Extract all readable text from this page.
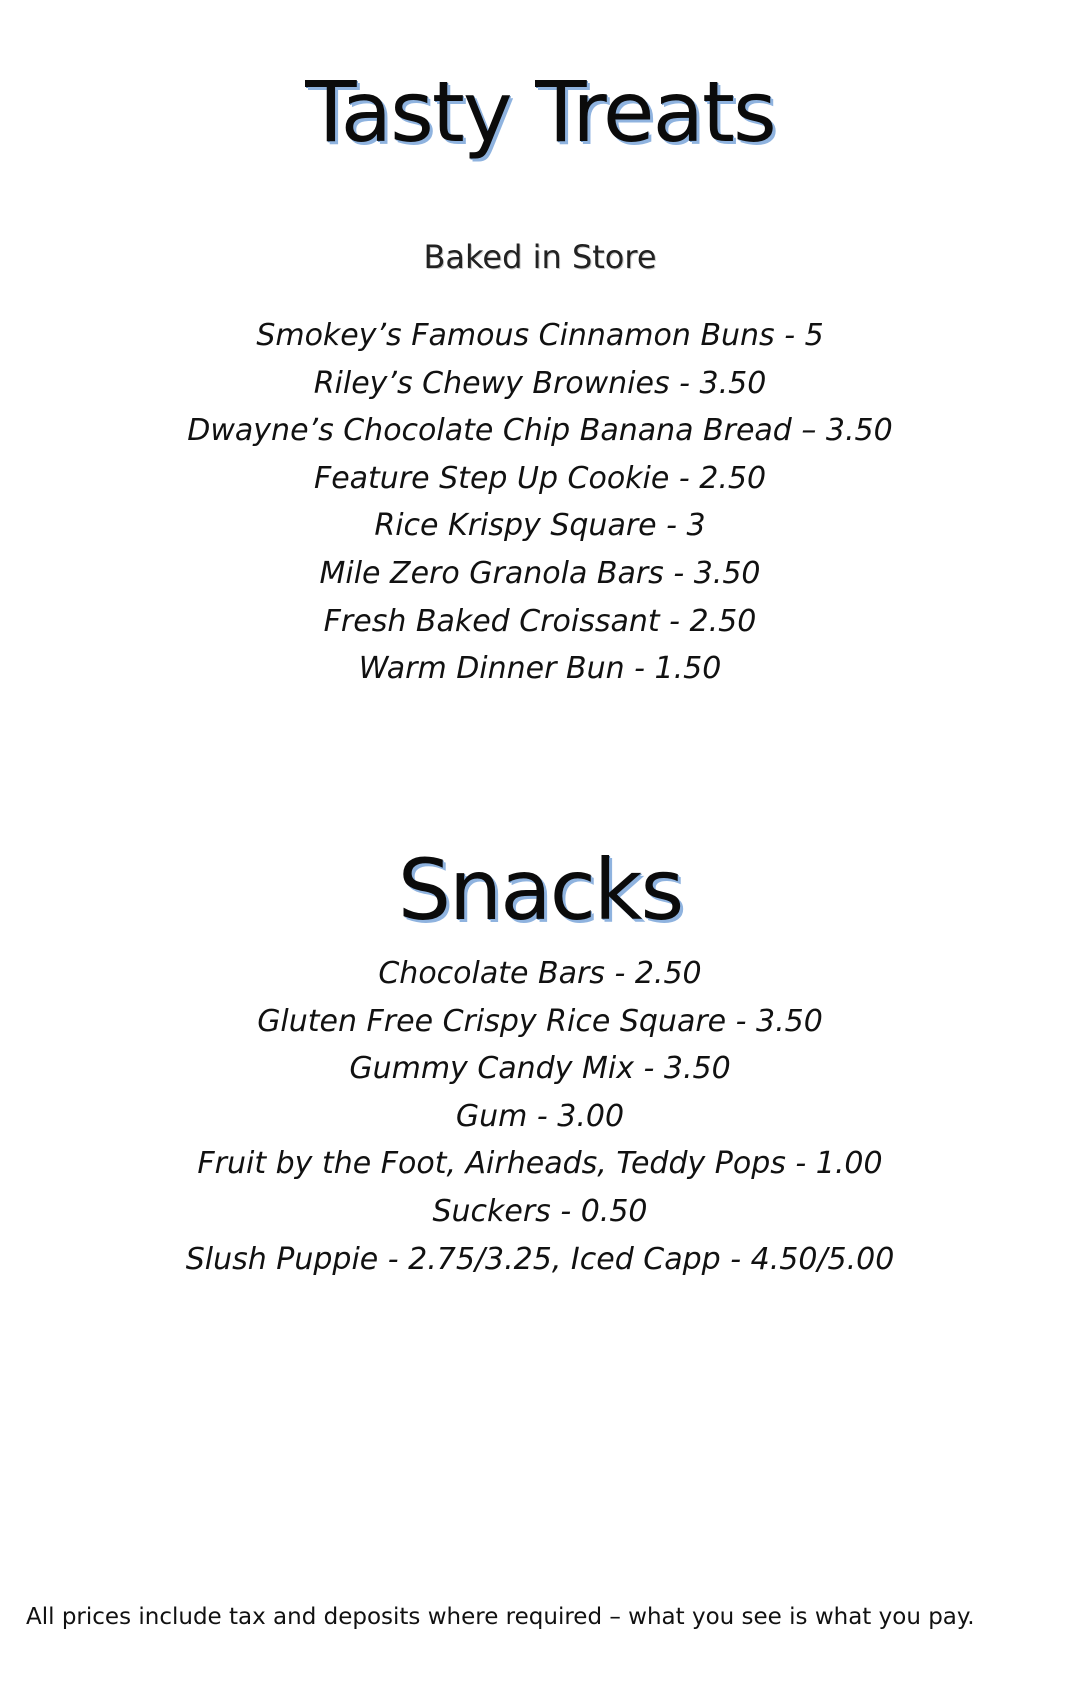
Tasty Treats
Baked in Store
Smokey’s Famous Cinnamon Buns - 5
Riley’s Chewy Brownies - 3.50
Dwayne’s Chocolate Chip Banana Bread – 3.50
Feature Step Up Cookie - 2.50
Rice Krispy Square - 3
Mile Zero Granola Bars - 3.50
Fresh Baked Croissant - 2.50
Warm Dinner Bun - 1.50
Snacks
Chocolate Bars - 2.50
Gluten Free Crispy Rice Square - 3.50
Gummy Candy Mix - 3.50
Gum - 3.00
Fruit by the Foot, Airheads, Teddy Pops - 1.00
Suckers - 0.50
Slush Puppie - 2.75/3.25, Iced Capp - 4.50/5.00
All prices include tax and deposits where required – what you see is what you pay.
